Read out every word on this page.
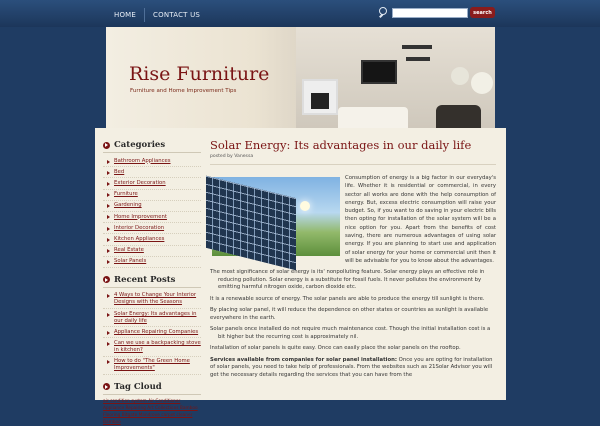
HOME	CONTACT US	search
Rise Furniture
Furniture and Home Improvement Tips
Categories
Bathroom Appliances
Bed
Exterior Decoration
Furniture
Gardening
Home Improvement
Interior Decoration
Kitchen Appliances
Real Estate
Solar Panels
Recent Posts
4 Ways to Change Your Interior Designs with the Seasons
Solar Energy: Its advantages in our daily life
Appliance Repairing Companies
Can we use a backpacking stove in kitchen?
How to do "The Green Home Improvements"
Tag Cloud
air condition system Air Conditioner Appliance Repairing Art Collections Bamboo Flooring Bitgate Mandrove carpet cleaner Bamboo
Solar Energy: Its advantages in our daily life
posted by Vanessa

Consumption of energy is a big factor in our everyday's life. Whether it is residential or commercial, in every sector all works are done with the help consumption of energy. But, excess electric consumption will raise your budget. So, if you want to do saving in your electric bills then opting for installation of the solar system will be a nice option for you. Apart from the benefits of cost saving, there are numerous advantages of using solar energy. If you are planning to start use and application of solar energy for your home or commercial unit then it will be advisable for you to know about the advantages.

The most significance of solar energy is its' nonpolluting feature. Solar energy plays an effective role in reducing pollution. Solar energy is a substitute for fossil fuels. It never pollutes the environment by emitting harmful nitrogen oxide, carbon dioxide etc.

It is a renewable source of energy. The solar panels are able to produce the energy till sunlight is there.

By placing solar panel, it will reduce the dependence on other states or countries as sunlight is available everywhere in the earth.

Solar panels once installed do not require much maintenance cost. Though the initial installation cost is a bit higher but the recurring cost is approximately nil.

Installation of solar panels is quite easy. Once can easily place the solar panels on the rooftop.

Services available from companies for solar panel installation: Once you are opting for installation of solar panels, you need to take help of professionals. From the websites such as 21Solar Advisor you will get the necessary details regarding the services that you can have from the
